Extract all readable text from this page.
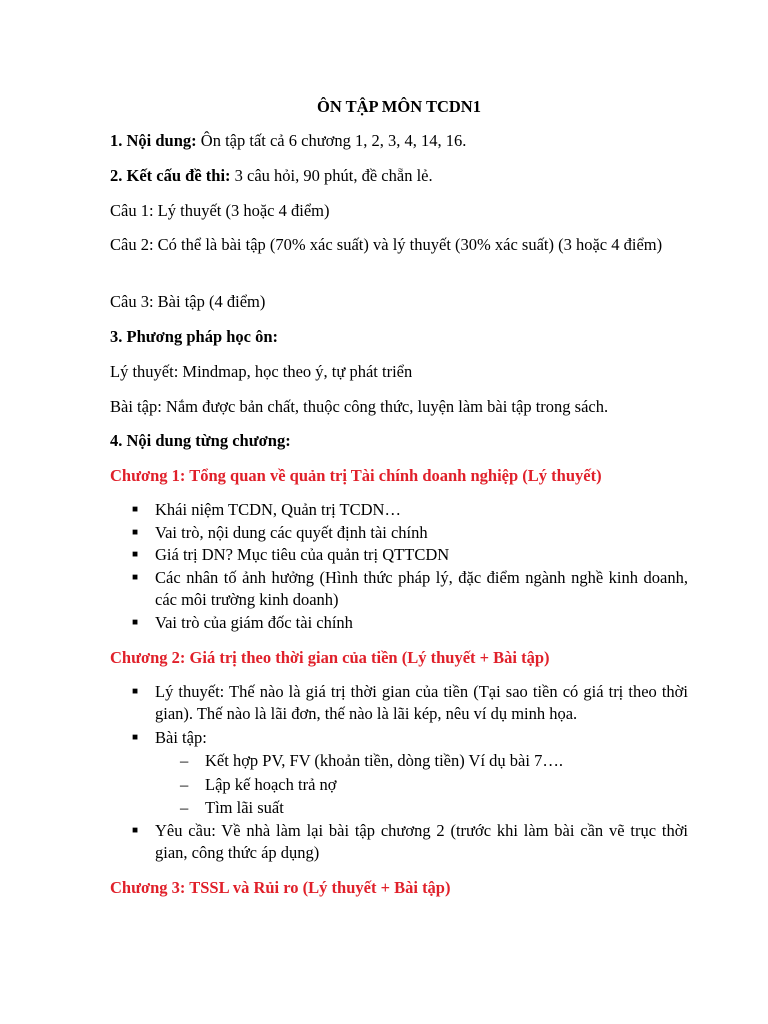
ÔN TẬP MÔN TCDN1
1. Nội dung: Ôn tập tất cả 6 chương 1, 2, 3, 4, 14, 16.
2. Kết cấu đề thi: 3 câu hỏi, 90 phút, đề chẵn lẻ.
Câu 1: Lý thuyết (3 hoặc 4 điểm)
Câu 2: Có thể là bài tập (70% xác suất) và lý thuyết (30% xác suất) (3 hoặc 4 điểm)
Câu 3: Bài tập (4 điểm)
3. Phương pháp học ôn:
Lý thuyết: Mindmap, học theo ý, tự phát triển
Bài tập: Nắm được bản chất, thuộc công thức, luyện làm bài tập trong sách.
4. Nội dung từng chương:
Chương 1: Tổng quan về quản trị Tài chính doanh nghiệp (Lý thuyết)
■ Khái niệm TCDN, Quản trị TCDN…
■ Vai trò, nội dung các quyết định tài chính
■ Giá trị DN? Mục tiêu của quản trị QTTCDN
■ Các nhân tố ảnh hưởng (Hình thức pháp lý, đặc điểm ngành nghề kinh doanh, các môi trường kinh doanh)
■ Vai trò của giám đốc tài chính
Chương 2: Giá trị theo thời gian của tiền (Lý thuyết + Bài tập)
■ Lý thuyết: Thế nào là giá trị thời gian của tiền (Tại sao tiền có giá trị theo thời gian). Thế nào là lãi đơn, thế nào là lãi kép, nêu ví dụ minh họa.
■ Bài tập:
– Kết hợp PV, FV (khoản tiền, dòng tiền) Ví dụ bài 7….
– Lập kế hoạch trả nợ
– Tìm lãi suất
■ Yêu cầu: Về nhà làm lại bài tập chương 2 (trước khi làm bài cần vẽ trục thời gian, công thức áp dụng)
Chương 3: TSSL và Rủi ro (Lý thuyết + Bài tập)
